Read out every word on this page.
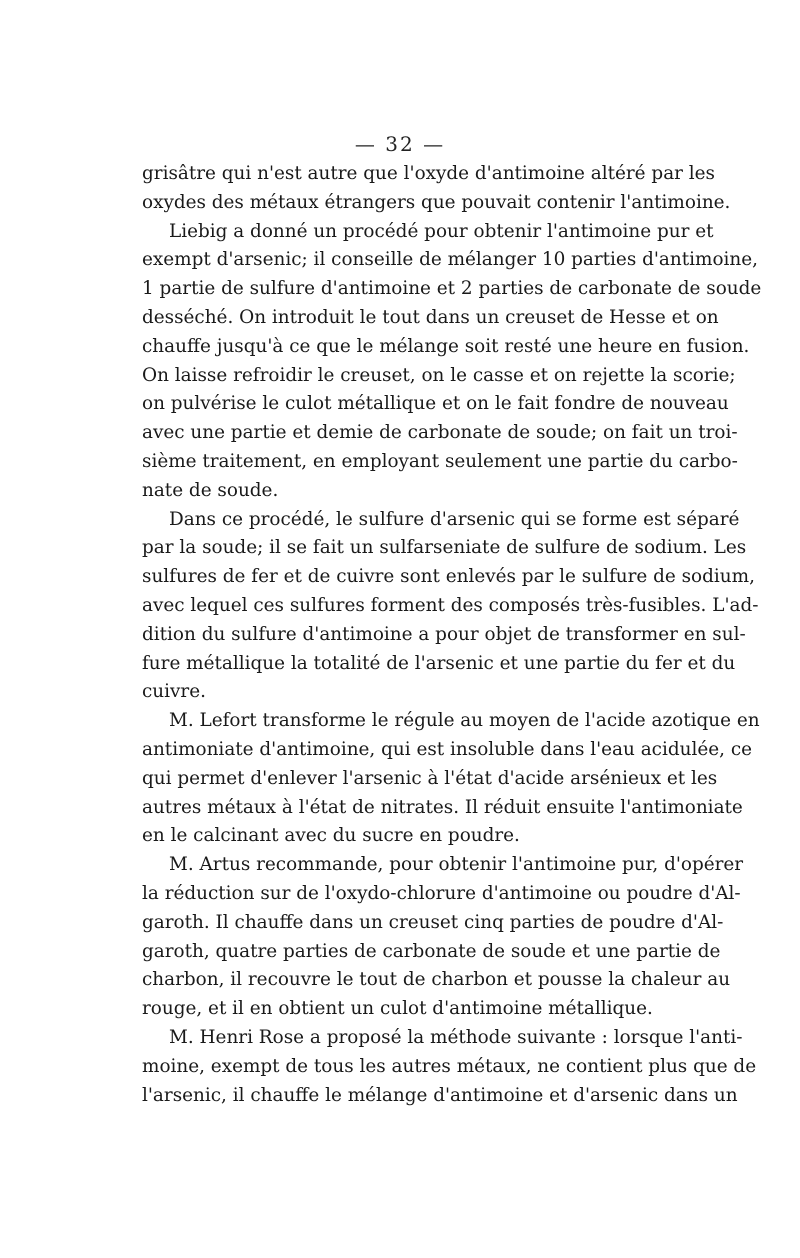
— 32 —
grisâtre qui n'est autre que l'oxyde d'antimoine altéré par les
oxydes des métaux étrangers que pouvait contenir l'antimoine.
Liebig a donné un procédé pour obtenir l'antimoine pur et
exempt d'arsenic; il conseille de mélanger 10 parties d'antimoine,
1 partie de sulfure d'antimoine et 2 parties de carbonate de soude
desséché. On introduit le tout dans un creuset de Hesse et on
chauffe jusqu'à ce que le mélange soit resté une heure en fusion.
On laisse refroidir le creuset, on le casse et on rejette la scorie;
on pulvérise le culot métallique et on le fait fondre de nouveau
avec une partie et demie de carbonate de soude; on fait un troi-
sième traitement, en employant seulement une partie du carbo-
nate de soude.
Dans ce procédé, le sulfure d'arsenic qui se forme est séparé
par la soude; il se fait un sulfarseniate de sulfure de sodium. Les
sulfures de fer et de cuivre sont enlevés par le sulfure de sodium,
avec lequel ces sulfures forment des composés très-fusibles. L'ad-
dition du sulfure d'antimoine a pour objet de transformer en sul-
fure métallique la totalité de l'arsenic et une partie du fer et du
cuivre.
M. Lefort transforme le régule au moyen de l'acide azotique en
antimoniate d'antimoine, qui est insoluble dans l'eau acidulée, ce
qui permet d'enlever l'arsenic à l'état d'acide arsénieux et les
autres métaux à l'état de nitrates. Il réduit ensuite l'antimoniate
en le calcinant avec du sucre en poudre.
M. Artus recommande, pour obtenir l'antimoine pur, d'opérer
la réduction sur de l'oxydo-chlorure d'antimoine ou poudre d'Al-
garoth. Il chauffe dans un creuset cinq parties de poudre d'Al-
garoth, quatre parties de carbonate de soude et une partie de
charbon, il recouvre le tout de charbon et pousse la chaleur au
rouge, et il en obtient un culot d'antimoine métallique.
M. Henri Rose a proposé la méthode suivante : lorsque l'anti-
moine, exempt de tous les autres métaux, ne contient plus que de
l'arsenic, il chauffe le mélange d'antimoine et d'arsenic dans un
